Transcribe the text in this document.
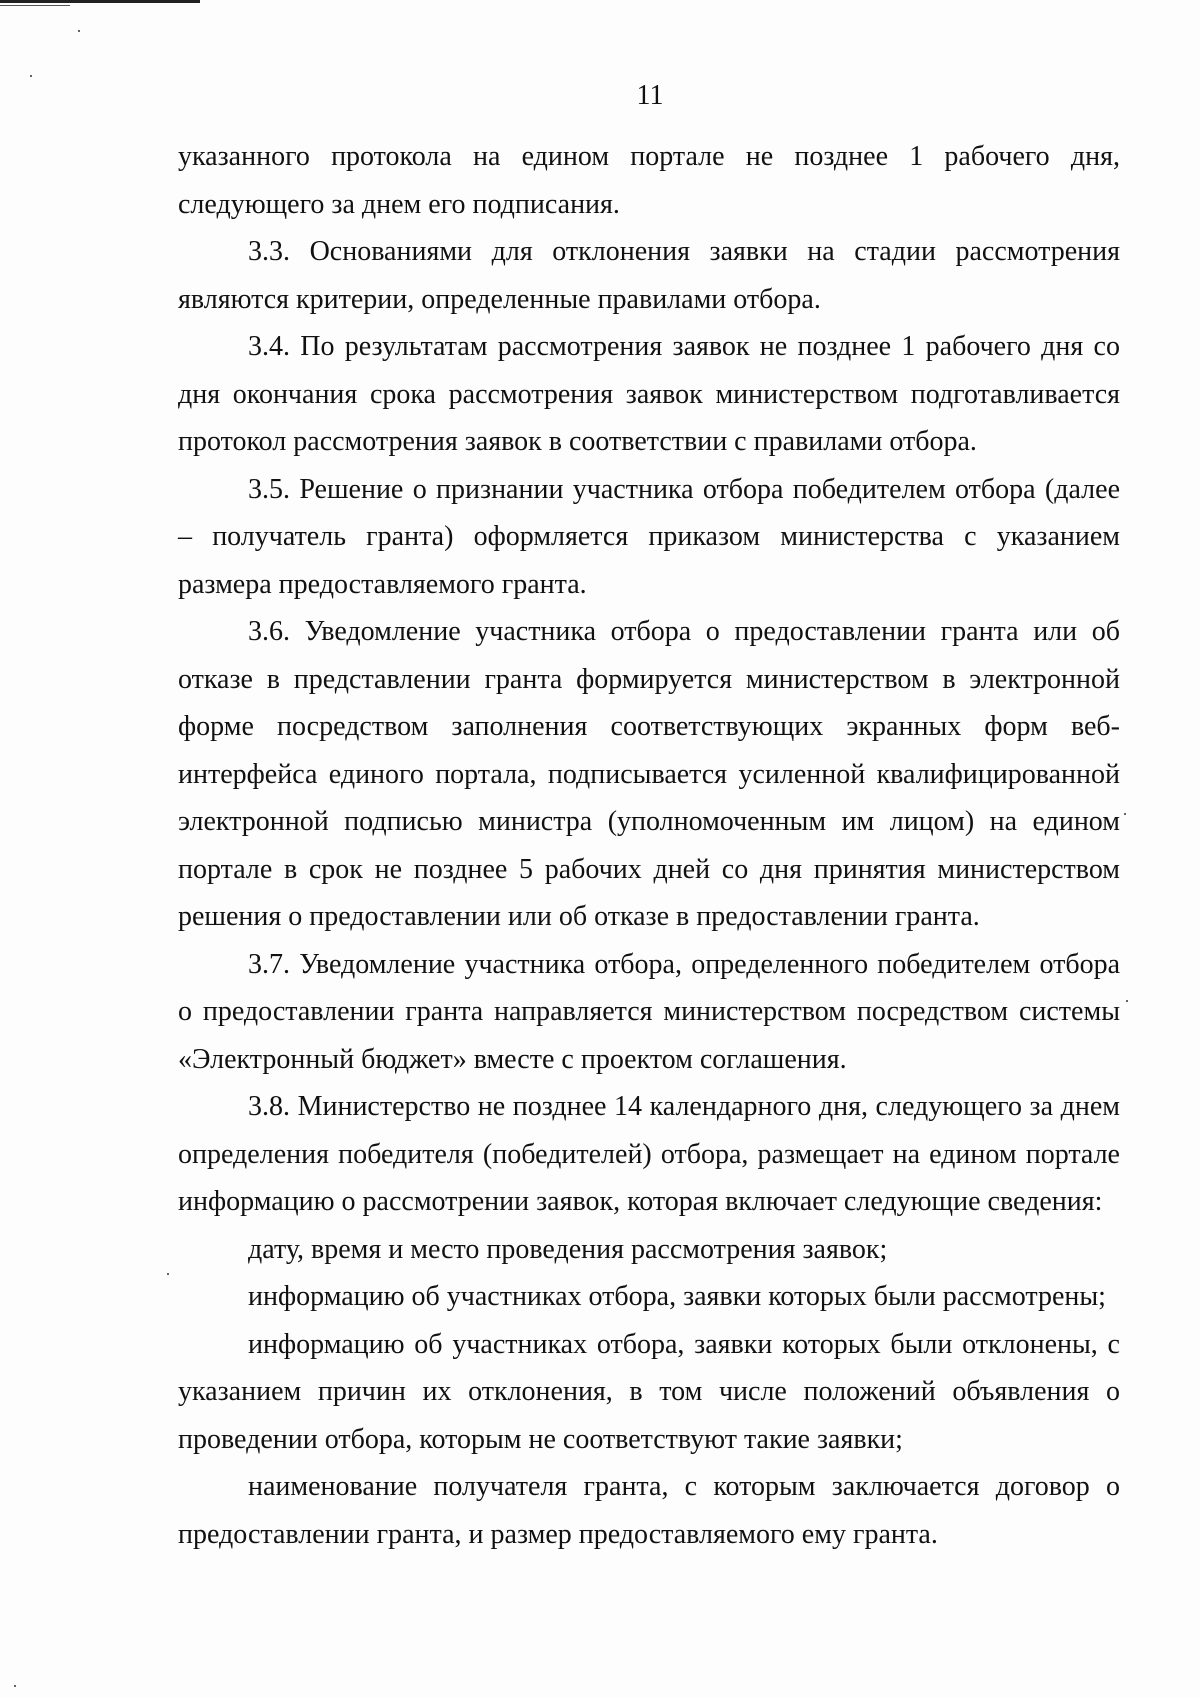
11

указанного протокола на едином портале не позднее 1 рабочего дня, следующего за днем его подписания.

3.3. Основаниями для отклонения заявки на стадии рассмотрения являются критерии, определенные правилами отбора.

3.4. По результатам рассмотрения заявок не позднее 1 рабочего дня со дня окончания срока рассмотрения заявок министерством подготавливается протокол рассмотрения заявок в соответствии с правилами отбора.

3.5. Решение о признании участника отбора победителем отбора (далее – получатель гранта) оформляется приказом министерства с указанием размера предоставляемого гранта.

3.6. Уведомление участника отбора о предоставлении гранта или об отказе в представлении гранта формируется министерством в электронной форме посредством заполнения соответствующих экранных форм веб-интерфейса единого портала, подписывается усиленной квалифицированной электронной подписью министра (уполномоченным им лицом) на едином портале в срок не позднее 5 рабочих дней со дня принятия министерством решения о предоставлении или об отказе в предоставлении гранта.

3.7. Уведомление участника отбора, определенного победителем отбора о предоставлении гранта направляется министерством посредством системы «Электронный бюджет» вместе с проектом соглашения.

3.8. Министерство не позднее 14 календарного дня, следующего за днем определения победителя (победителей) отбора, размещает на едином портале информацию о рассмотрении заявок, которая включает следующие сведения:

дату, время и место проведения рассмотрения заявок;

информацию об участниках отбора, заявки которых были рассмотрены;

информацию об участниках отбора, заявки которых были отклонены, с указанием причин их отклонения, в том числе положений объявления о проведении отбора, которым не соответствуют такие заявки;

наименование получателя гранта, с которым заключается договор о предоставлении гранта, и размер предоставляемого ему гранта.
